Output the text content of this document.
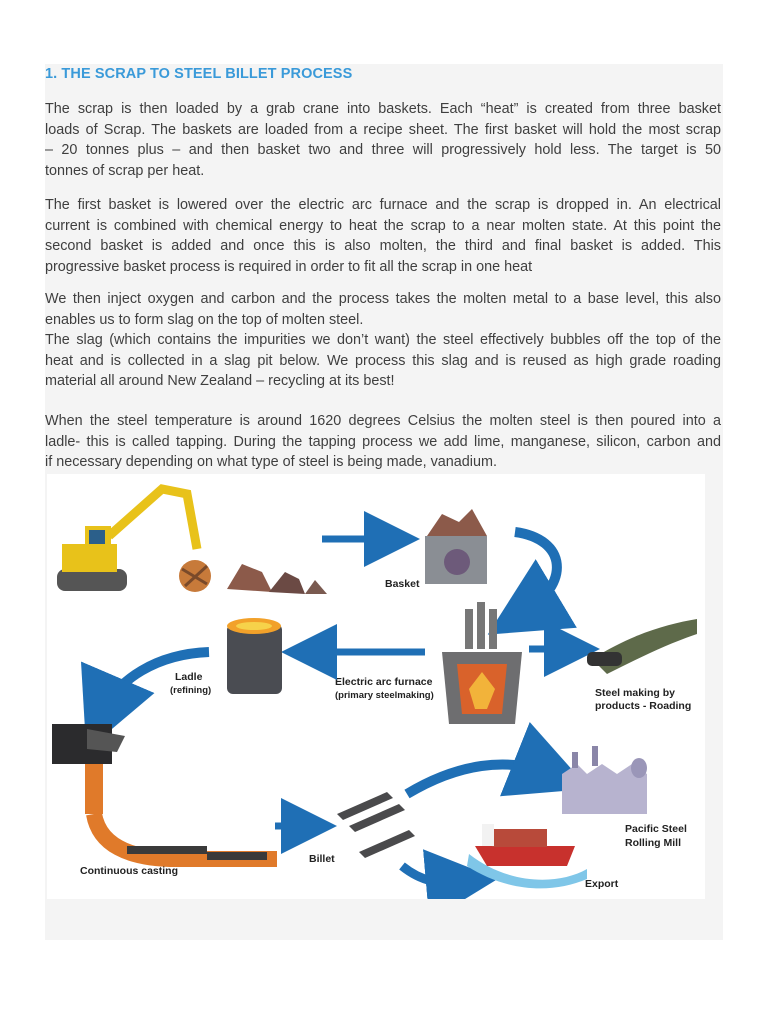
1. THE SCRAP TO STEEL BILLET PROCESS
The scrap is then loaded by a grab crane into baskets. Each “heat” is created from three basket
loads of Scrap. The baskets are loaded from a recipe sheet. The first basket will hold the most scrap
– 20 tonnes plus – and then basket two and three will progressively hold less. The target is 50
tonnes of scrap per heat.
The first basket is lowered over the electric arc furnace and the scrap is dropped in. An electrical
current is combined with chemical energy to heat the scrap to a near molten state. At this point the
second basket is added and once this is also molten, the third and final basket is added. This
progressive basket process is required in order to fit all the scrap in one heat
We then inject oxygen and carbon and the process takes the molten metal to a base level, this also
enables us to form slag on the top of molten steel.
The slag (which contains the impurities we don’t want) the steel effectively bubbles off the top of the
heat and is collected in a slag pit below. We process this slag and is reused as high grade roading
material all around New Zealand – recycling at its best!
When the steel temperature is around 1620 degrees Celsius the molten steel is then poured into a
ladle- this is called tapping. During the tapping process we add lime, manganese, silicon, carbon and
if necessary depending on what type of steel is being made, vanadium.
Basket
Electric arc furnace
(primary steelmaking)	Steel making by
products - Roading
Ladle
(refining)
Continuous casting
Billet
Pacific Steel
Rolling Mill
Export
